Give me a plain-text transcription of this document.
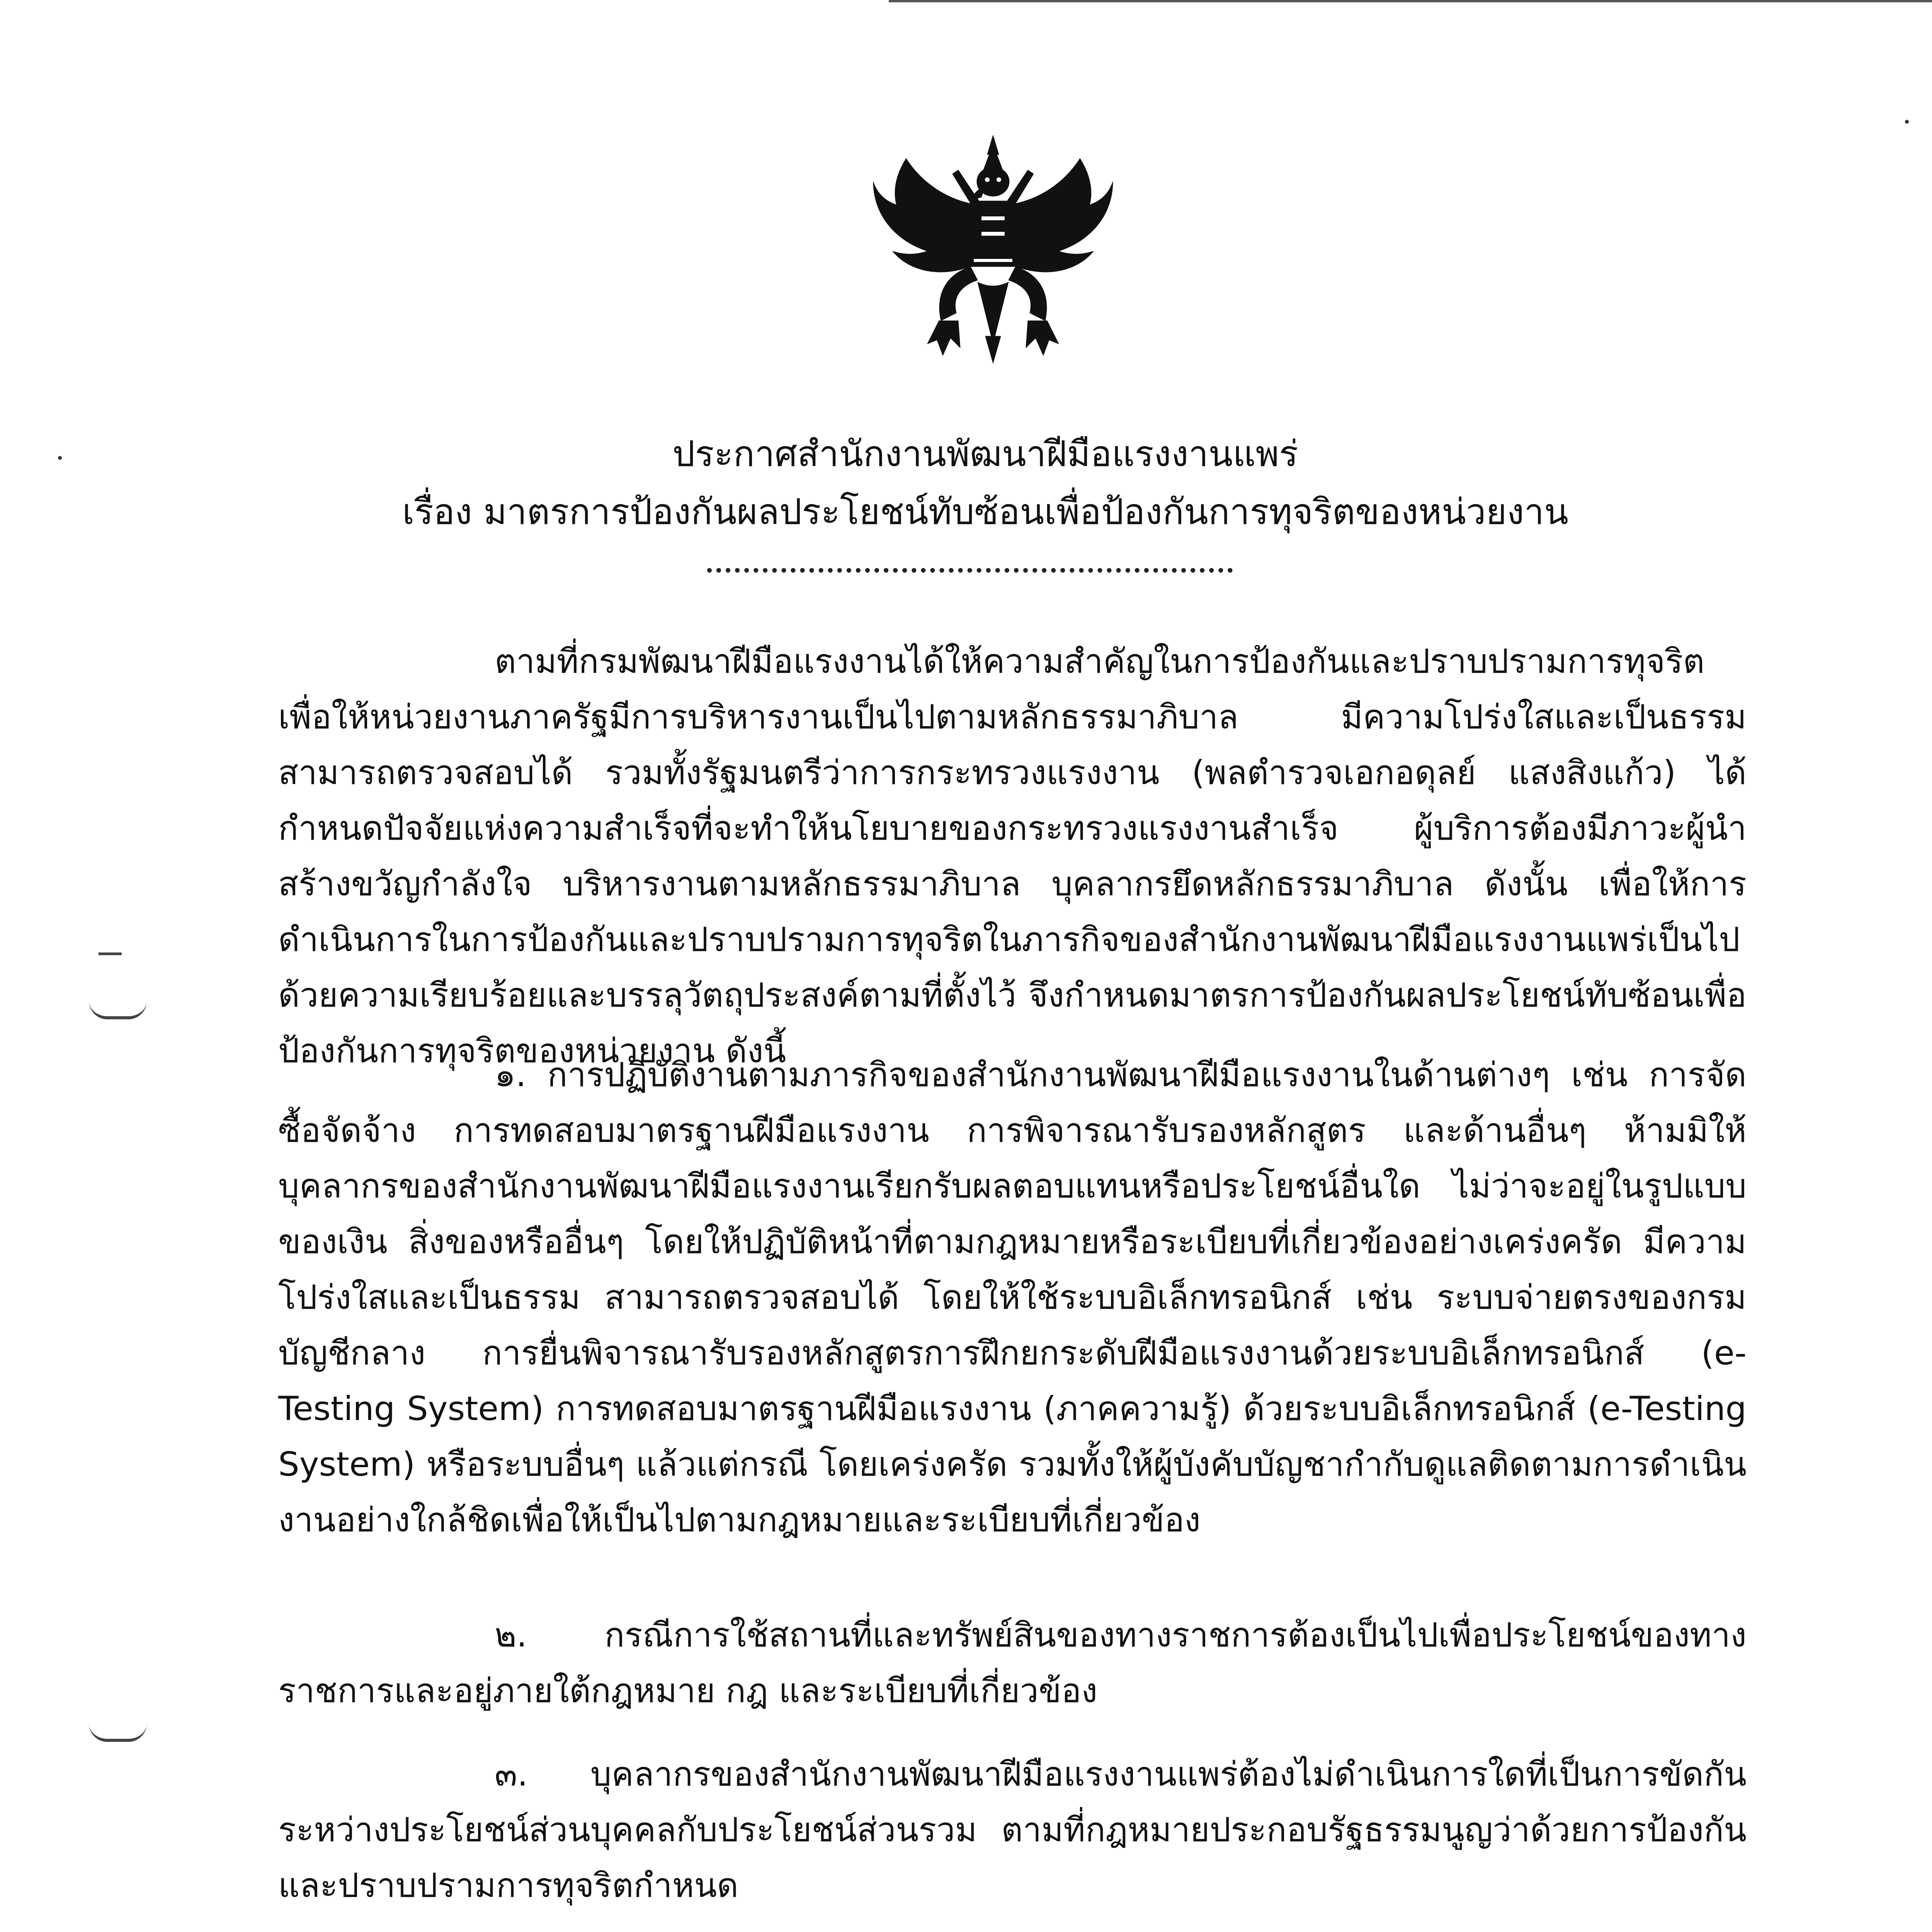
ประกาศสำนักงานพัฒนาฝีมือแรงงานแพร่
เรื่อง มาตรการป้องกันผลประโยชน์ทับซ้อนเพื่อป้องกันการทุจริตของหน่วยงาน
ตามที่กรมพัฒนาฝีมือแรงงานได้ให้ความสำคัญในการป้องกันและปราบปรามการทุจริต เพื่อให้หน่วยงานภาครัฐมีการบริหารงานเป็นไปตามหลักธรรมาภิบาล มีความโปร่งใสและเป็นธรรม สามารถตรวจสอบได้ รวมทั้งรัฐมนตรีว่าการกระทรวงแรงงาน (พลตำรวจเอกอดุลย์ แสงสิงแก้ว) ได้กำหนดปัจจัยแห่งความสำเร็จที่จะทำให้นโยบายของกระทรวงแรงงานสำเร็จ ผู้บริการต้องมีภาวะผู้นำ สร้างขวัญกำลังใจ บริหารงานตามหลักธรรมาภิบาล บุคลากรยึดหลักธรรมาภิบาล ดังนั้น เพื่อให้การดำเนินการในการป้องกันและปราบปรามการทุจริตในภารกิจของสำนักงานพัฒนาฝีมือแรงงานแพร่เป็นไปด้วยความเรียบร้อยและบรรลุวัตถุประสงค์ตามที่ตั้งไว้ จึงกำหนดมาตรการป้องกันผลประโยชน์ทับซ้อนเพื่อป้องกันการทุจริตของหน่วยงาน ดังนี้
๑. การปฏิบัติงานตามภารกิจของสำนักงานพัฒนาฝีมือแรงงานในด้านต่างๆ เช่น การจัดซื้อจัดจ้าง การทดสอบมาตรฐานฝีมือแรงงาน การพิจารณารับรองหลักสูตร และด้านอื่นๆ ห้ามมิให้บุคลากรของสำนักงานพัฒนาฝีมือแรงงานเรียกรับผลตอบแทนหรือประโยชน์อื่นใด ไม่ว่าจะอยู่ในรูปแบบของเงิน สิ่งของหรืออื่นๆ โดยให้ปฏิบัติหน้าที่ตามกฎหมายหรือระเบียบที่เกี่ยวข้องอย่างเคร่งครัด มีความโปร่งใสและเป็นธรรม สามารถตรวจสอบได้ โดยให้ใช้ระบบอิเล็กทรอนิกส์ เช่น ระบบจ่ายตรงของกรมบัญชีกลาง การยื่นพิจารณารับรองหลักสูตรการฝึกยกระดับฝีมือแรงงานด้วยระบบอิเล็กทรอนิกส์ (e-Testing System) การทดสอบมาตรฐานฝีมือแรงงาน (ภาคความรู้) ด้วยระบบอิเล็กทรอนิกส์ (e-Testing System) หรือระบบอื่นๆ แล้วแต่กรณี โดยเคร่งครัด รวมทั้งให้ผู้บังคับบัญชากำกับดูแลติดตามการดำเนินงานอย่างใกล้ชิดเพื่อให้เป็นไปตามกฎหมายและระเบียบที่เกี่ยวข้อง
๒. กรณีการใช้สถานที่และทรัพย์สินของทางราชการต้องเป็นไปเพื่อประโยชน์ของทางราชการและอยู่ภายใต้กฎหมาย กฎ และระเบียบที่เกี่ยวข้อง
๓. บุคลากรของสำนักงานพัฒนาฝีมือแรงงานแพร่ต้องไม่ดำเนินการใดที่เป็นการขัดกันระหว่างประโยชน์ส่วนบุคคลกับประโยชน์ส่วนรวม ตามที่กฎหมายประกอบรัฐธรรมนูญว่าด้วยการป้องกันและปราบปรามการทุจริตกำหนด
